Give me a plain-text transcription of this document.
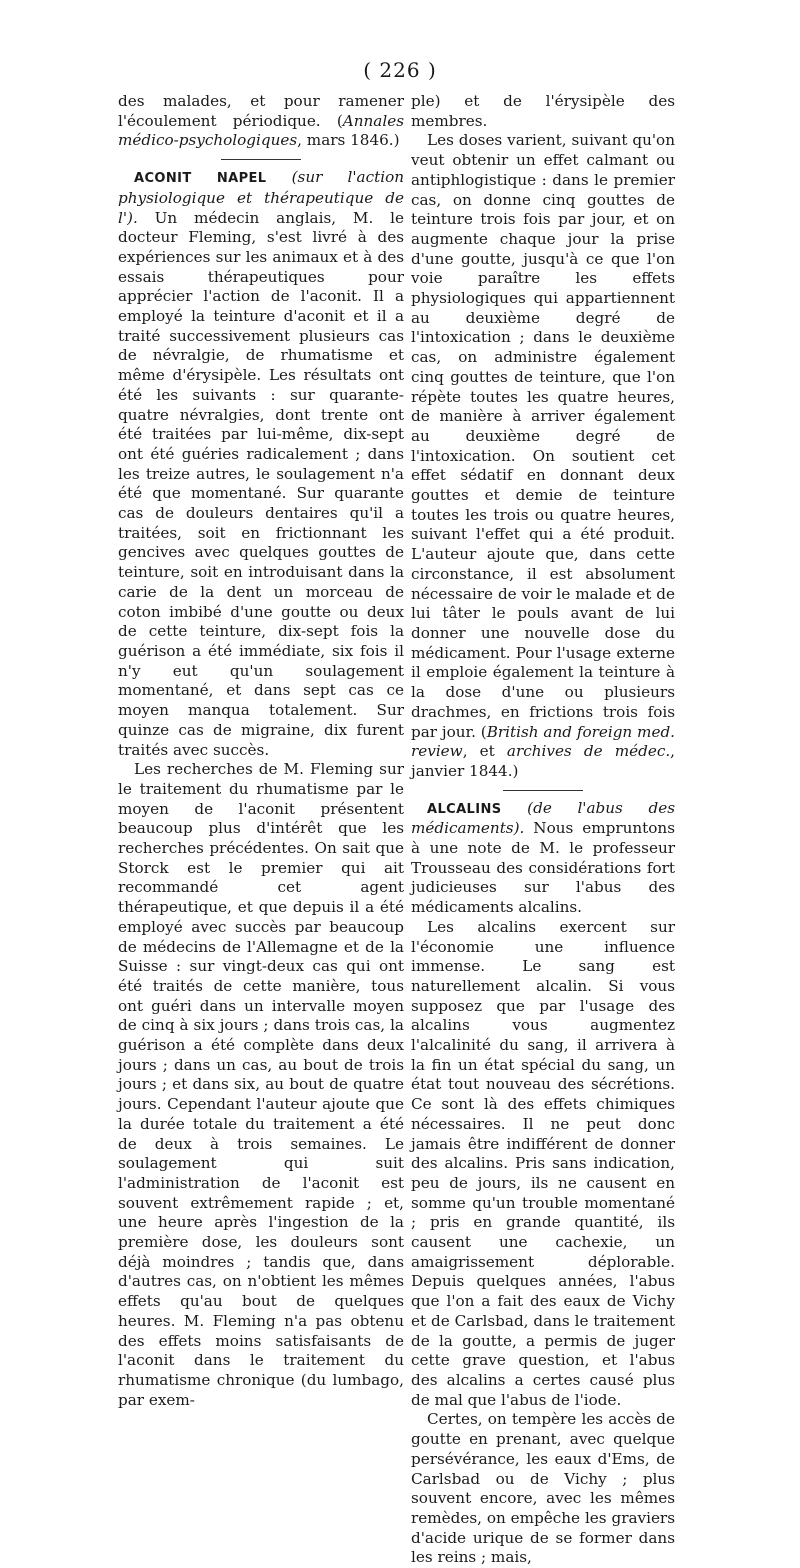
( 226 )

des malades, et pour ramener l'écoulement périodique. (Annales médico-psychologiques, mars 1846.)

ACONIT NAPEL (sur l'action physiologique et thérapeutique de l'). Un médecin anglais, M. le docteur Fleming, s'est livré à des expériences sur les animaux et à des essais thérapeutiques pour apprécier l'action de l'aconit. Il a employé la teinture d'aconit et il a traité successivement plusieurs cas de névralgie, de rhumatisme et même d'érysipèle. Les résultats ont été les suivants : sur quarante-quatre névralgies, dont trente ont été traitées par lui-même, dix-sept ont été guéries radicalement ; dans les treize autres, le soulagement n'a été que momentané. Sur quarante cas de douleurs dentaires qu'il a traitées, soit en frictionnant les gencives avec quelques gouttes de teinture, soit en introduisant dans la carie de la dent un morceau de coton imbibé d'une goutte ou deux de cette teinture, dix-sept fois la guérison a été immédiate, six fois il n'y eut qu'un soulagement momentané, et dans sept cas ce moyen manqua totalement. Sur quinze cas de migraine, dix furent traités avec succès.

Les recherches de M. Fleming sur le traitement du rhumatisme par le moyen de l'aconit présentent beaucoup plus d'intérêt que les recherches précédentes. On sait que Storck est le premier qui ait recommandé cet agent thérapeutique, et que depuis il a été employé avec succès par beaucoup de médecins de l'Allemagne et de la Suisse : sur vingt-deux cas qui ont été traités de cette manière, tous ont guéri dans un intervalle moyen de cinq à six jours ; dans trois cas, la guérison a été complète dans deux jours ; dans un cas, au bout de trois jours ; et dans six, au bout de quatre jours. Cependant l'auteur ajoute que la durée totale du traitement a été de deux à trois semaines. Le soulagement qui suit l'administration de l'aconit est souvent extrêmement rapide ; et, une heure après l'ingestion de la première dose, les douleurs sont déjà moindres ; tandis que, dans d'autres cas, on n'obtient les mêmes effets qu'au bout de quelques heures. M. Fleming n'a pas obtenu des effets moins satisfaisants de l'aconit dans le traitement du rhumatisme chronique (du lumbago, par exem-

ple) et de l'érysipèle des membres.

Les doses varient, suivant qu'on veut obtenir un effet calmant ou antiphlogistique : dans le premier cas, on donne cinq gouttes de teinture trois fois par jour, et on augmente chaque jour la prise d'une goutte, jusqu'à ce que l'on voie paraître les effets physiologiques qui appartiennent au deuxième degré de l'intoxication ; dans le deuxième cas, on administre également cinq gouttes de teinture, que l'on répète toutes les quatre heures, de manière à arriver également au deuxième degré de l'intoxication. On soutient cet effet sédatif en donnant deux gouttes et demie de teinture toutes les trois ou quatre heures, suivant l'effet qui a été produit. L'auteur ajoute que, dans cette circonstance, il est absolument nécessaire de voir le malade et de lui tâter le pouls avant de lui donner une nouvelle dose du médicament. Pour l'usage externe il emploie également la teinture à la dose d'une ou plusieurs drachmes, en frictions trois fois par jour. (British and foreign med. review, et archives de médec., janvier 1844.)

ALCALINS (de l'abus des médicaments). Nous empruntons à une note de M. le professeur Trousseau des considérations fort judicieuses sur l'abus des médicaments alcalins.

Les alcalins exercent sur l'économie une influence immense. Le sang est naturellement alcalin. Si vous supposez que par l'usage des alcalins vous augmentez l'alcalinité du sang, il arrivera à la fin un état spécial du sang, un état tout nouveau des sécrétions. Ce sont là des effets chimiques nécessaires. Il ne peut donc jamais être indifférent de donner des alcalins. Pris sans indication, peu de jours, ils ne causent en somme qu'un trouble momentané ; pris en grande quantité, ils causent une cachexie, un amaigrissement déplorable. Depuis quelques années, l'abus que l'on a fait des eaux de Vichy et de Carlsbad, dans le traitement de la goutte, a permis de juger cette grave question, et l'abus des alcalins a certes causé plus de mal que l'abus de l'iode.

Certes, on tempère les accès de goutte en prenant, avec quelque persévérance, les eaux d'Ems, de Carlsbad ou de Vichy ; plus souvent encore, avec les mêmes remèdes, on empêche les graviers d'acide urique de se former dans les reins ; mais,
